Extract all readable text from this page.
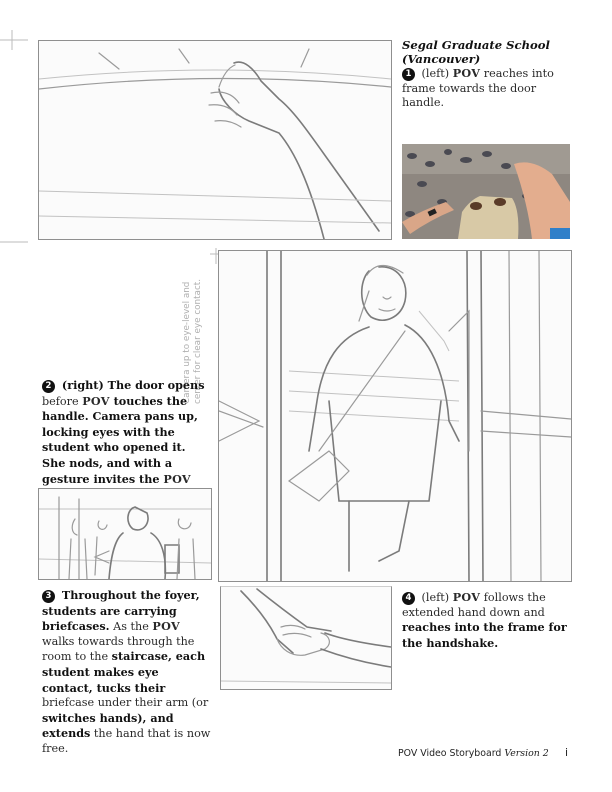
Segal Graduate School (Vancouver)
1 (left) POV reaches into frame towards the door handle.
Camera up to eye-level and center for clear eye contact.
2 (right) The door opens before POV touches the handle. Camera pans up, locking eyes with the student who opened it. She nods, and with a gesture invites the POV
3 Throughout the foyer, students are carrying briefcases. As the POV walks towards through the room to the staircase, each student makes eye contact, tucks their briefcase under their arm (or switches hands), and extends the hand that is now free.
4 (left) POV follows the extended hand down and reaches into the frame for the handshake.
POV Video Storyboard Version 2 i
